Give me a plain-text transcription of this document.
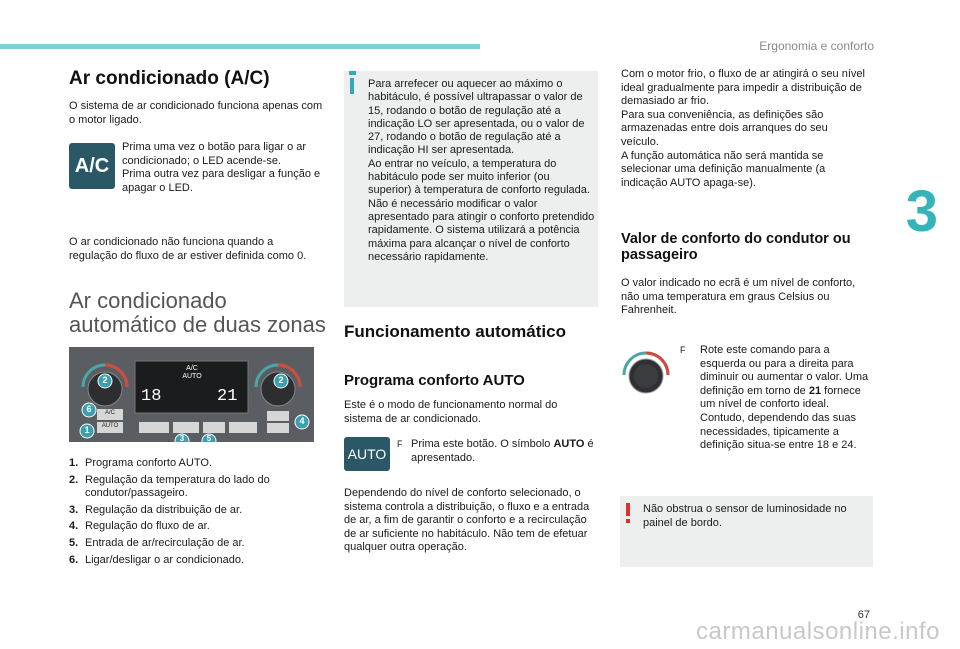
Ergonomia e conforto
3
67
carmanualsonline.info
Ar condicionado (A/C)

O sistema de ar condicionado funciona apenas com o motor ligado.

A/C

Prima uma vez o botão para ligar o ar condicionado; o LED acende-se.
Prima outra vez para desligar a função e apagar o LED.

O ar condicionado não funciona quando a regulação do fluxo de ar estiver definida como 0.

Ar condicionado
automático de duas zonas
A/C
AUTO
18	21
A/C
AUTO
2	2
6
1
3	5
4
1. Programa conforto AUTO.
2. Regulação da temperatura do lado do condutor/passageiro.
3. Regulação da distribuição de ar.
4. Regulação do fluxo de ar.
5. Entrada de ar/recirculação de ar.
6. Ligar/desligar o ar condicionado.

Para arrefecer ou aquecer ao máximo o habitáculo, é possível ultrapassar o valor de 15, rodando o botão de regulação até a indicação LO ser apresentada, ou o valor de 27, rodando o botão de regulação até a indicação HI ser apresentada.
Ao entrar no veículo, a temperatura do habitáculo pode ser muito inferior (ou superior) à temperatura de conforto regulada. Não é necessário modificar o valor apresentado para atingir o conforto pretendido rapidamente. O sistema utilizará a potência máxima para alcançar o nível de conforto necessário rapidamente.

Funcionamento automático
Programa conforto AUTO

Este é o modo de funcionamento normal do sistema de ar condicionado.

AUTO
F Prima este botão. O símbolo AUTO é apresentado.

Dependendo do nível de conforto selecionado, o sistema controla a distribuição, o fluxo e a entrada de ar, a fim de garantir o conforto e a recirculação de ar suficiente no habitáculo. Não tem de efetuar qualquer outra operação.

Com o motor frio, o fluxo de ar atingirá o seu nível ideal gradualmente para impedir a distribuição de demasiado ar frio.
Para sua conveniência, as definições são armazenadas entre dois arranques do seu veículo.
A função automática não será mantida se selecionar uma definição manualmente (a indicação AUTO apaga-se).

Valor de conforto do condutor ou
passageiro

O valor indicado no ecrã é um nível de conforto, não uma temperatura em graus Celsius ou Fahrenheit.

F	Rote este comando para a esquerda ou para a direita para diminuir ou aumentar o valor. Uma definição em torno de 21 fornece um nível de conforto ideal. Contudo, dependendo das suas necessidades, tipicamente a definição situa-se entre 18 e 24.

Não obstrua o sensor de luminosidade no painel de bordo.
